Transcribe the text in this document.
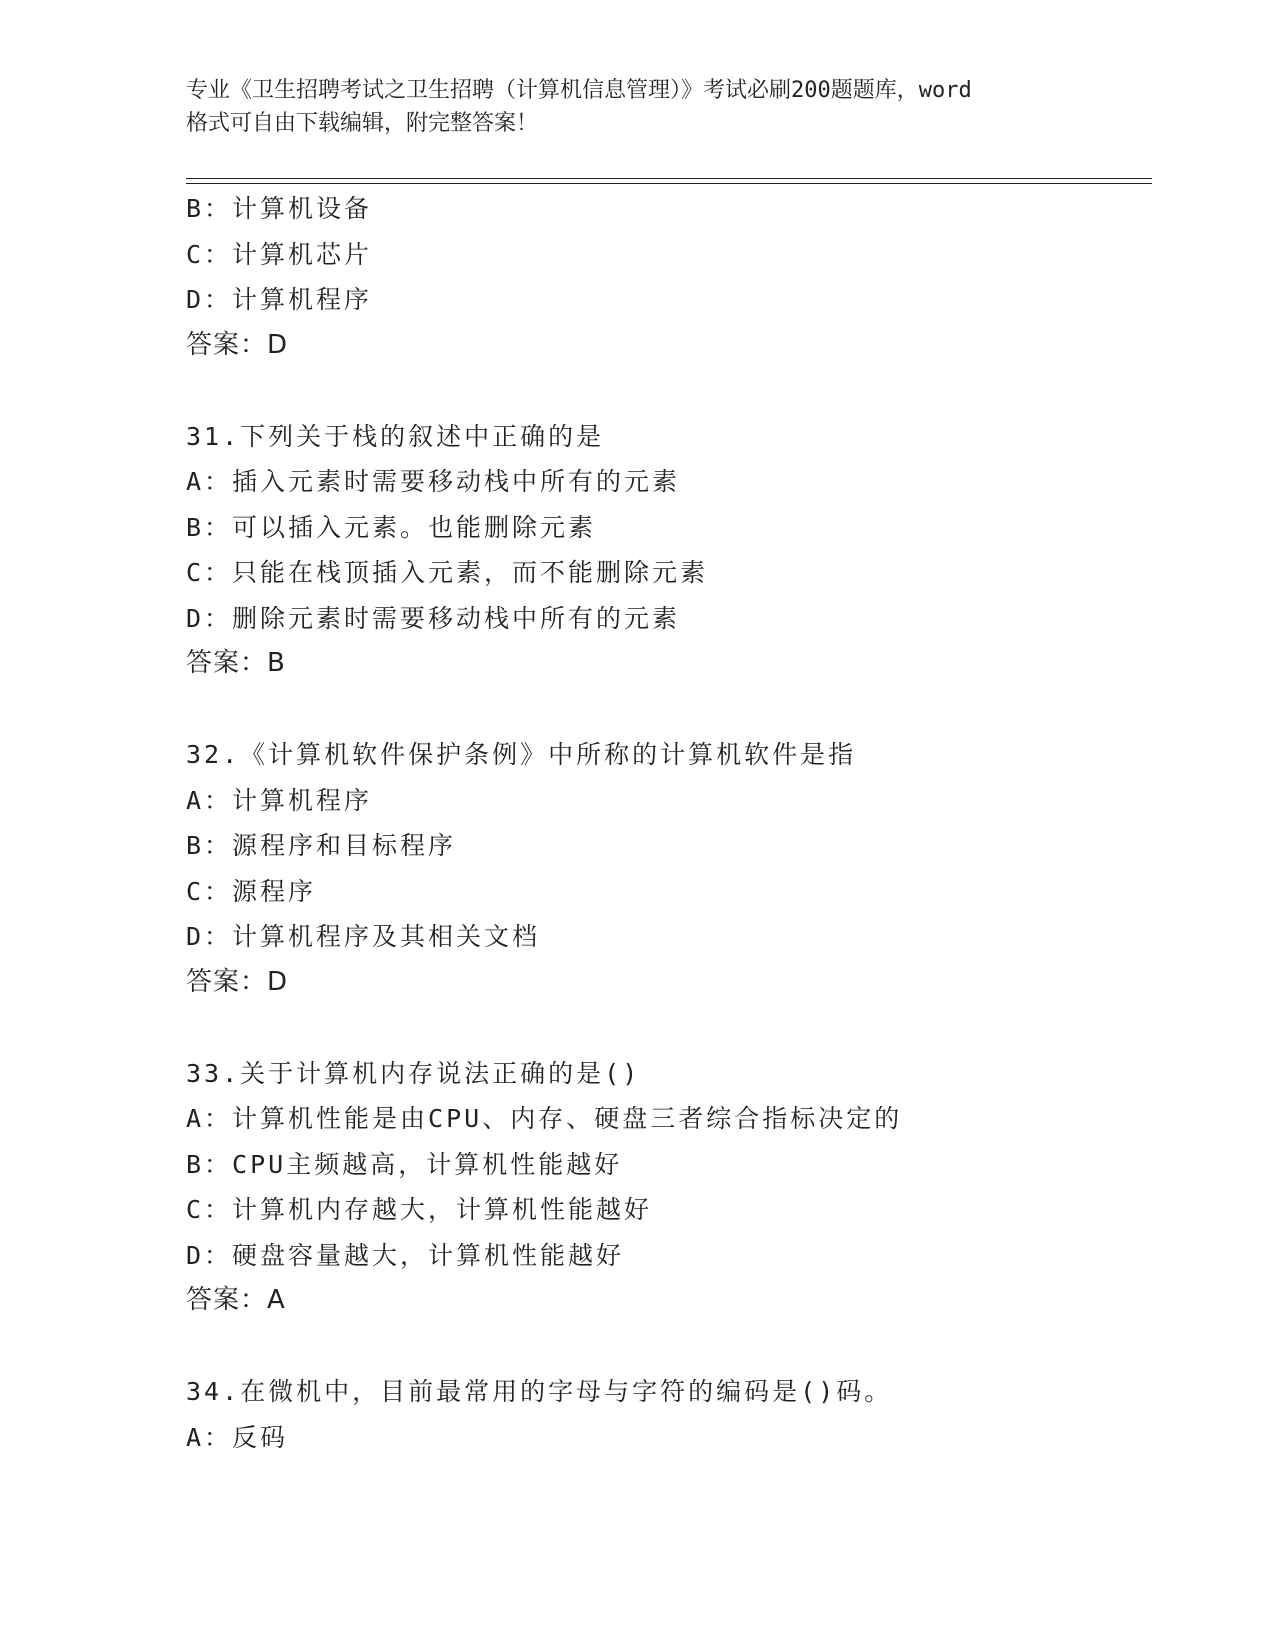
专业《卫生招聘考试之卫生招聘（计算机信息管理）》考试必刷200题题库，word
格式可自由下载编辑，附完整答案！
B：计算机设备
C：计算机芯片
D：计算机程序
答案：D
31.下列关于栈的叙述中正确的是
A：插入元素时需要移动栈中所有的元素
B：可以插入元素。也能删除元素
C：只能在栈顶插入元素，而不能删除元素
D：删除元素时需要移动栈中所有的元素
答案：B
32.《计算机软件保护条例》中所称的计算机软件是指
A：计算机程序
B：源程序和目标程序
C：源程序
D：计算机程序及其相关文档
答案：D
33.关于计算机内存说法正确的是()
A：计算机性能是由CPU、内存、硬盘三者综合指标决定的
B：CPU主频越高，计算机性能越好
C：计算机内存越大，计算机性能越好
D：硬盘容量越大，计算机性能越好
答案：A
34.在微机中，目前最常用的字母与字符的编码是()码。
A：反码
